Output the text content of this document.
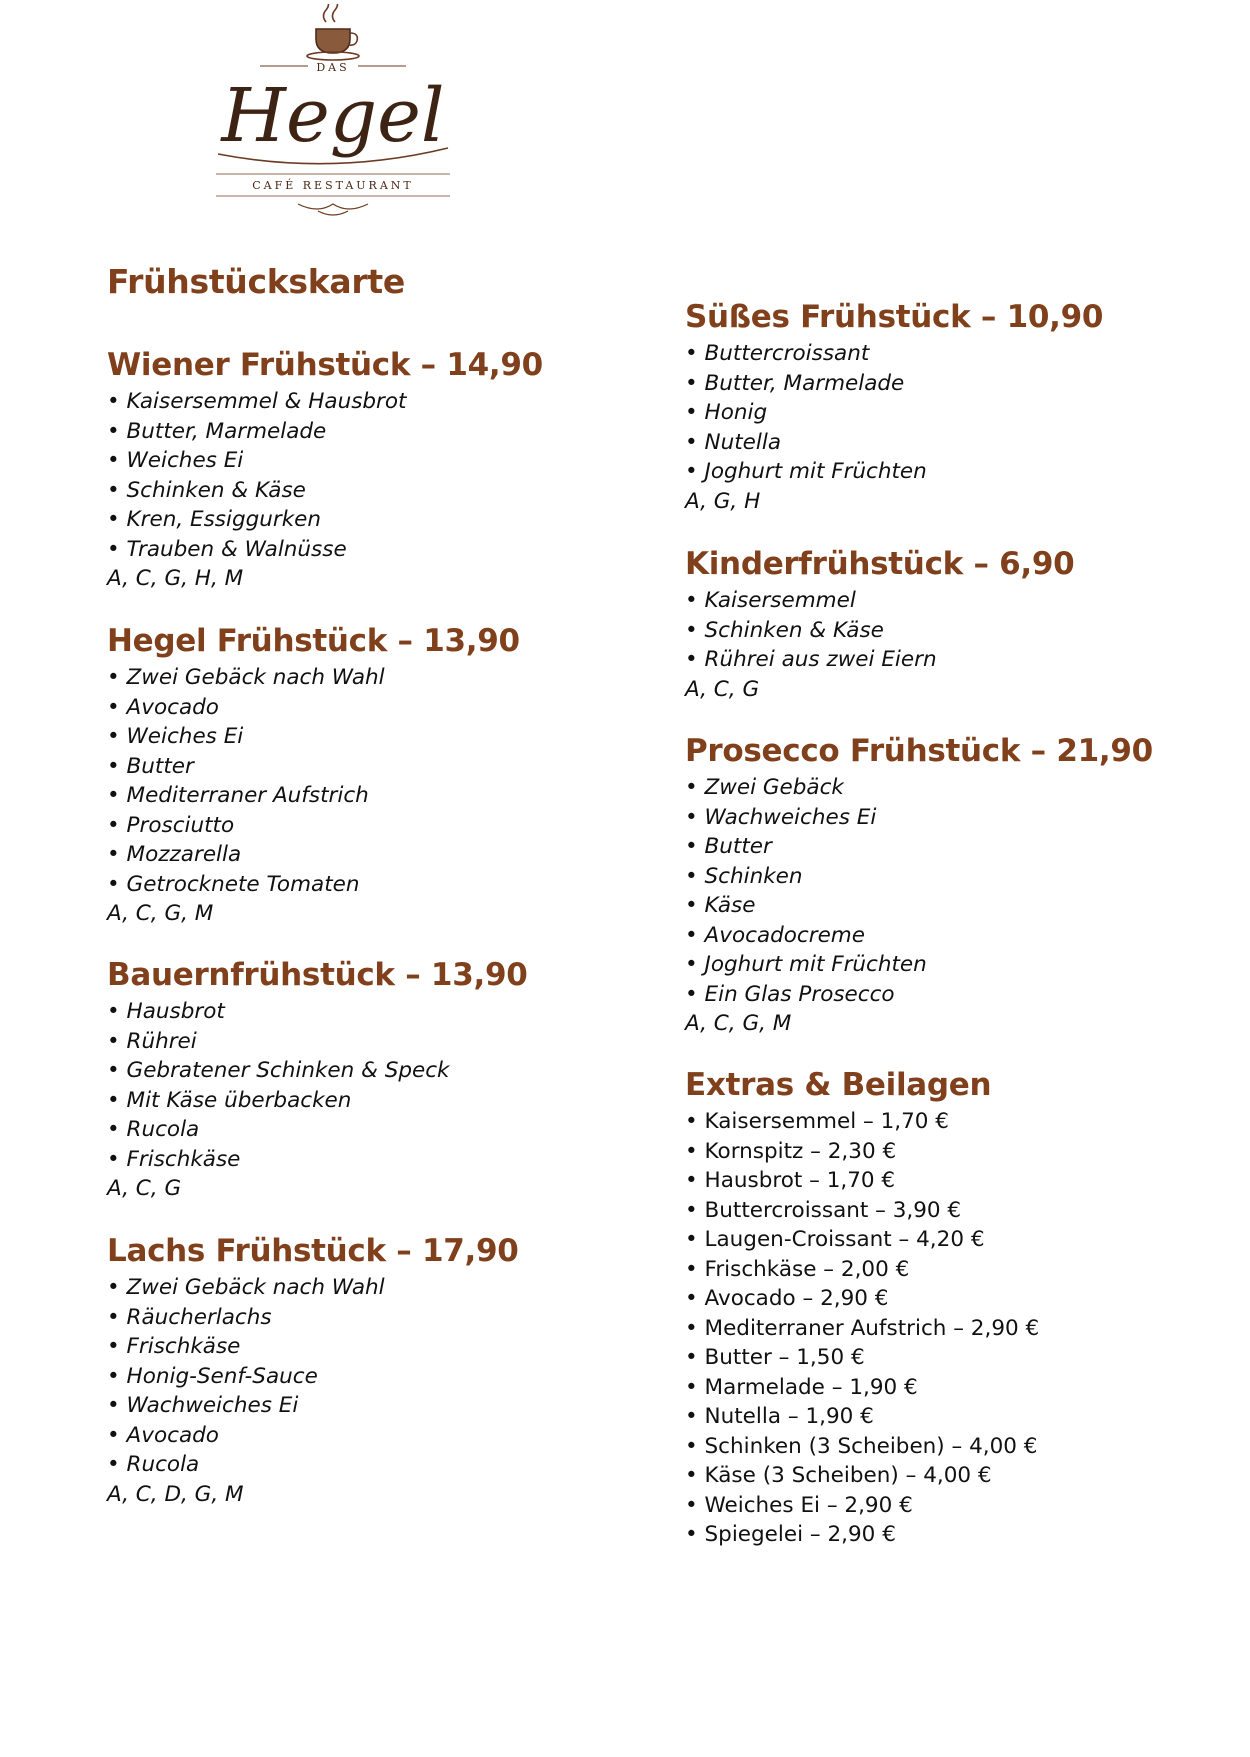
DAS
Hegel
CAFÉ RESTAURANT
Frühstückskarte
Wiener Frühstück – 14,90
• Kaisersemmel & Hausbrot
• Butter, Marmelade
• Weiches Ei
• Schinken & Käse
• Kren, Essiggurken
• Trauben & Walnüsse
A, C, G, H, M
Hegel Frühstück – 13,90
• Zwei Gebäck nach Wahl
• Avocado
• Weiches Ei
• Butter
• Mediterraner Aufstrich
• Prosciutto
• Mozzarella
• Getrocknete Tomaten
A, C, G, M
Bauernfrühstück – 13,90
• Hausbrot
• Rührei
• Gebratener Schinken & Speck
• Mit Käse überbacken
• Rucola
• Frischkäse
A, C, G
Lachs Frühstück – 17,90
• Zwei Gebäck nach Wahl
• Räucherlachs
• Frischkäse
• Honig-Senf-Sauce
• Wachweiches Ei
• Avocado
• Rucola
A, C, D, G, M
Süßes Frühstück – 10,90
• Buttercroissant
• Butter, Marmelade
• Honig
• Nutella
• Joghurt mit Früchten
A, G, H
Kinderfrühstück – 6,90
• Kaisersemmel
• Schinken & Käse
• Rührei aus zwei Eiern
A, C, G
Prosecco Frühstück – 21,90
• Zwei Gebäck
• Wachweiches Ei
• Butter
• Schinken
• Käse
• Avocadocreme
• Joghurt mit Früchten
• Ein Glas Prosecco
A, C, G, M
Extras & Beilagen
• Kaisersemmel – 1,70 €
• Kornspitz – 2,30 €
• Hausbrot – 1,70 €
• Buttercroissant – 3,90 €
• Laugen-Croissant – 4,20 €
• Frischkäse – 2,00 €
• Avocado – 2,90 €
• Mediterraner Aufstrich – 2,90 €
• Butter – 1,50 €
• Marmelade – 1,90 €
• Nutella – 1,90 €
• Schinken (3 Scheiben) – 4,00 €
• Käse (3 Scheiben) – 4,00 €
• Weiches Ei – 2,90 €
• Spiegelei – 2,90 €
